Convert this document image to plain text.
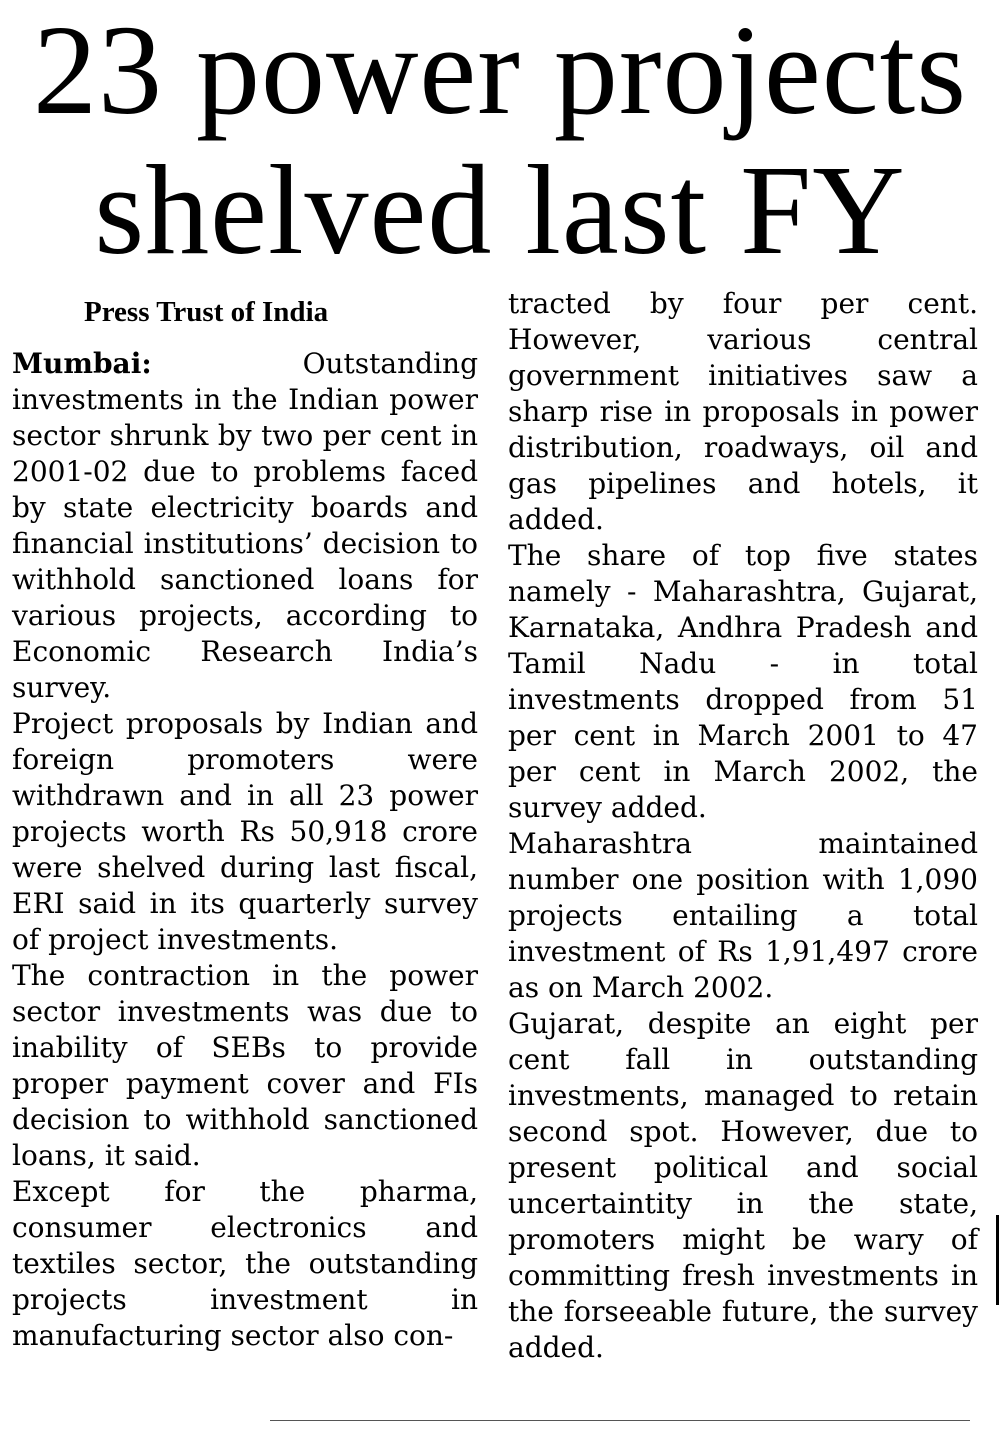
23 power projects
shelved last FY
Press Trust of India

Mumbai:   Outstanding investments in the Indian power sector shrunk by two per cent in 2001-02 due to problems faced by state electricity boards and financial institutions’ decision to withhold sanctioned loans for various projects, according to Economic Research India’s survey.

Project proposals by Indian and foreign promoters were withdrawn and in all 23 power projects worth Rs 50,918 crore were shelved during last fiscal, ERI said in its quarterly survey of project investments.

The contraction in the power sector investments was due to inability of SEBs to provide proper payment cover and FIs decision to withhold sanctioned loans, it said.

Except for the pharma, consumer electronics and textiles sector, the outstanding projects investment in manufacturing sector also con-

tracted by four per cent. However, various central government initiatives saw a sharp rise in proposals in power distribution, roadways, oil and gas pipelines and hotels, it added.

The share of top five states namely - Maharashtra, Gujarat, Karnataka, Andhra Pradesh and Tamil Nadu - in total investments dropped from 51 per cent in March 2001 to 47 per cent in March 2002, the survey added.

Maharashtra maintained number one position with 1,090 projects entailing a total investment of Rs 1,91,497 crore as on March 2002.

Gujarat, despite an eight per cent fall in outstanding investments, managed to retain second spot. However, due to present political and social uncertaintity in the state, promoters might be wary of committing fresh investments in the forseeable future, the survey added.
